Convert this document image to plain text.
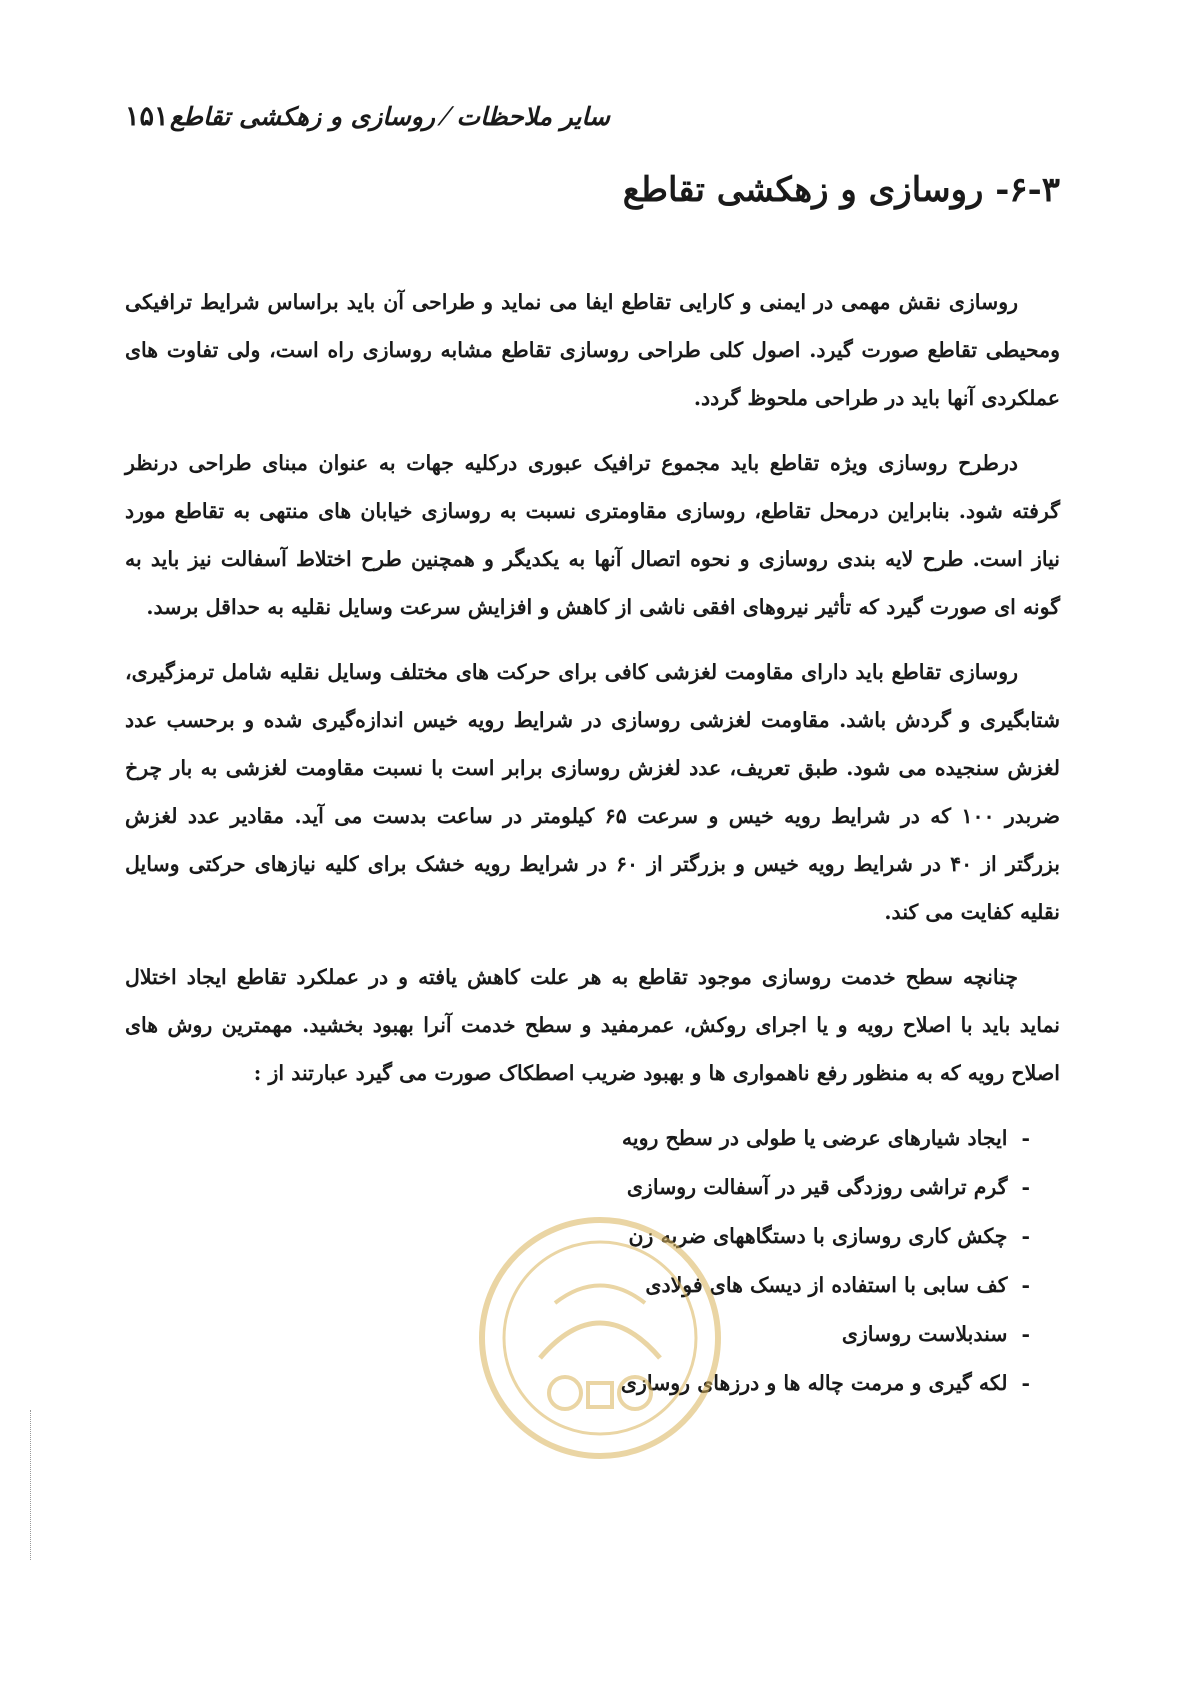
سایر ملاحظات ⁄ روسازی و زهکشی تقاطع
۱۵۱
۶-۳- روسازی و زهکشی تقاطع

روسازی نقش مهمی در ایمنی و کارایی تقاطع ایفا می نماید و طراحی آن باید براساس شرایط ترافیکی ومحیطی تقاطع صورت گیرد. اصول کلی طراحی روسازی تقاطع مشابه روسازی راه است، ولی تفاوت های عملکردی آنها باید در طراحی ملحوظ گردد.

درطرح روسازی ویژه تقاطع باید مجموع ترافیک عبوری درکلیه جهات به عنوان مبنای طراحی درنظر گرفته شود. بنابراین درمحل تقاطع، روسازی مقاومتری نسبت به روسازی خیابان های منتهی به تقاطع مورد نیاز است. طرح لایه بندی روسازی و نحوه اتصال آنها به یکدیگر و همچنین طرح اختلاط آسفالت نیز باید به گونه ای صورت گیرد که تأثیر نیروهای افقی ناشی از کاهش و افزایش سرعت وسایل نقلیه به حداقل برسد.

روسازی تقاطع باید دارای مقاومت لغزشی کافی برای حرکت های مختلف وسایل نقلیه شامل ترمزگیری، شتابگیری و گردش باشد. مقاومت لغزشی روسازی در شرایط رویه خیس اندازه‌گیری شده و برحسب عدد لغزش سنجیده می شود. طبق تعریف، عدد لغزش روسازی برابر است با نسبت مقاومت لغزشی به بار چرخ ضربدر ۱۰۰ که در شرایط رویه خیس و سرعت ۶۵ کیلومتر در ساعت بدست می آید. مقادیر عدد لغزش بزرگتر از ۴۰ در شرایط رویه خیس و بزرگتر از ۶۰ در شرایط رویه خشک برای کلیه نیازهای حرکتی وسایل نقلیه کفایت می کند.

چنانچه سطح خدمت روسازی موجود تقاطع به هر علت کاهش یافته و در عملکرد تقاطع ایجاد اختلال نماید باید با اصلاح رویه و یا اجرای روکش، عمرمفید و سطح خدمت آنرا بهبود بخشید. مهمترین روش های اصلاح رویه که به منظور رفع ناهمواری ها و بهبود ضریب اصطکاک صورت می گیرد عبارتند از :

-ایجاد شیارهای عرضی یا طولی در سطح رویه
-گرم تراشی روزدگی قیر در آسفالت روسازی
-چکش کاری روسازی با دستگاههای ضربه زن
-کف سابی با استفاده از دیسک های فولادی
-سندبلاست روسازی
-لکه گیری و مرمت چاله ها و درزهای روسازی
